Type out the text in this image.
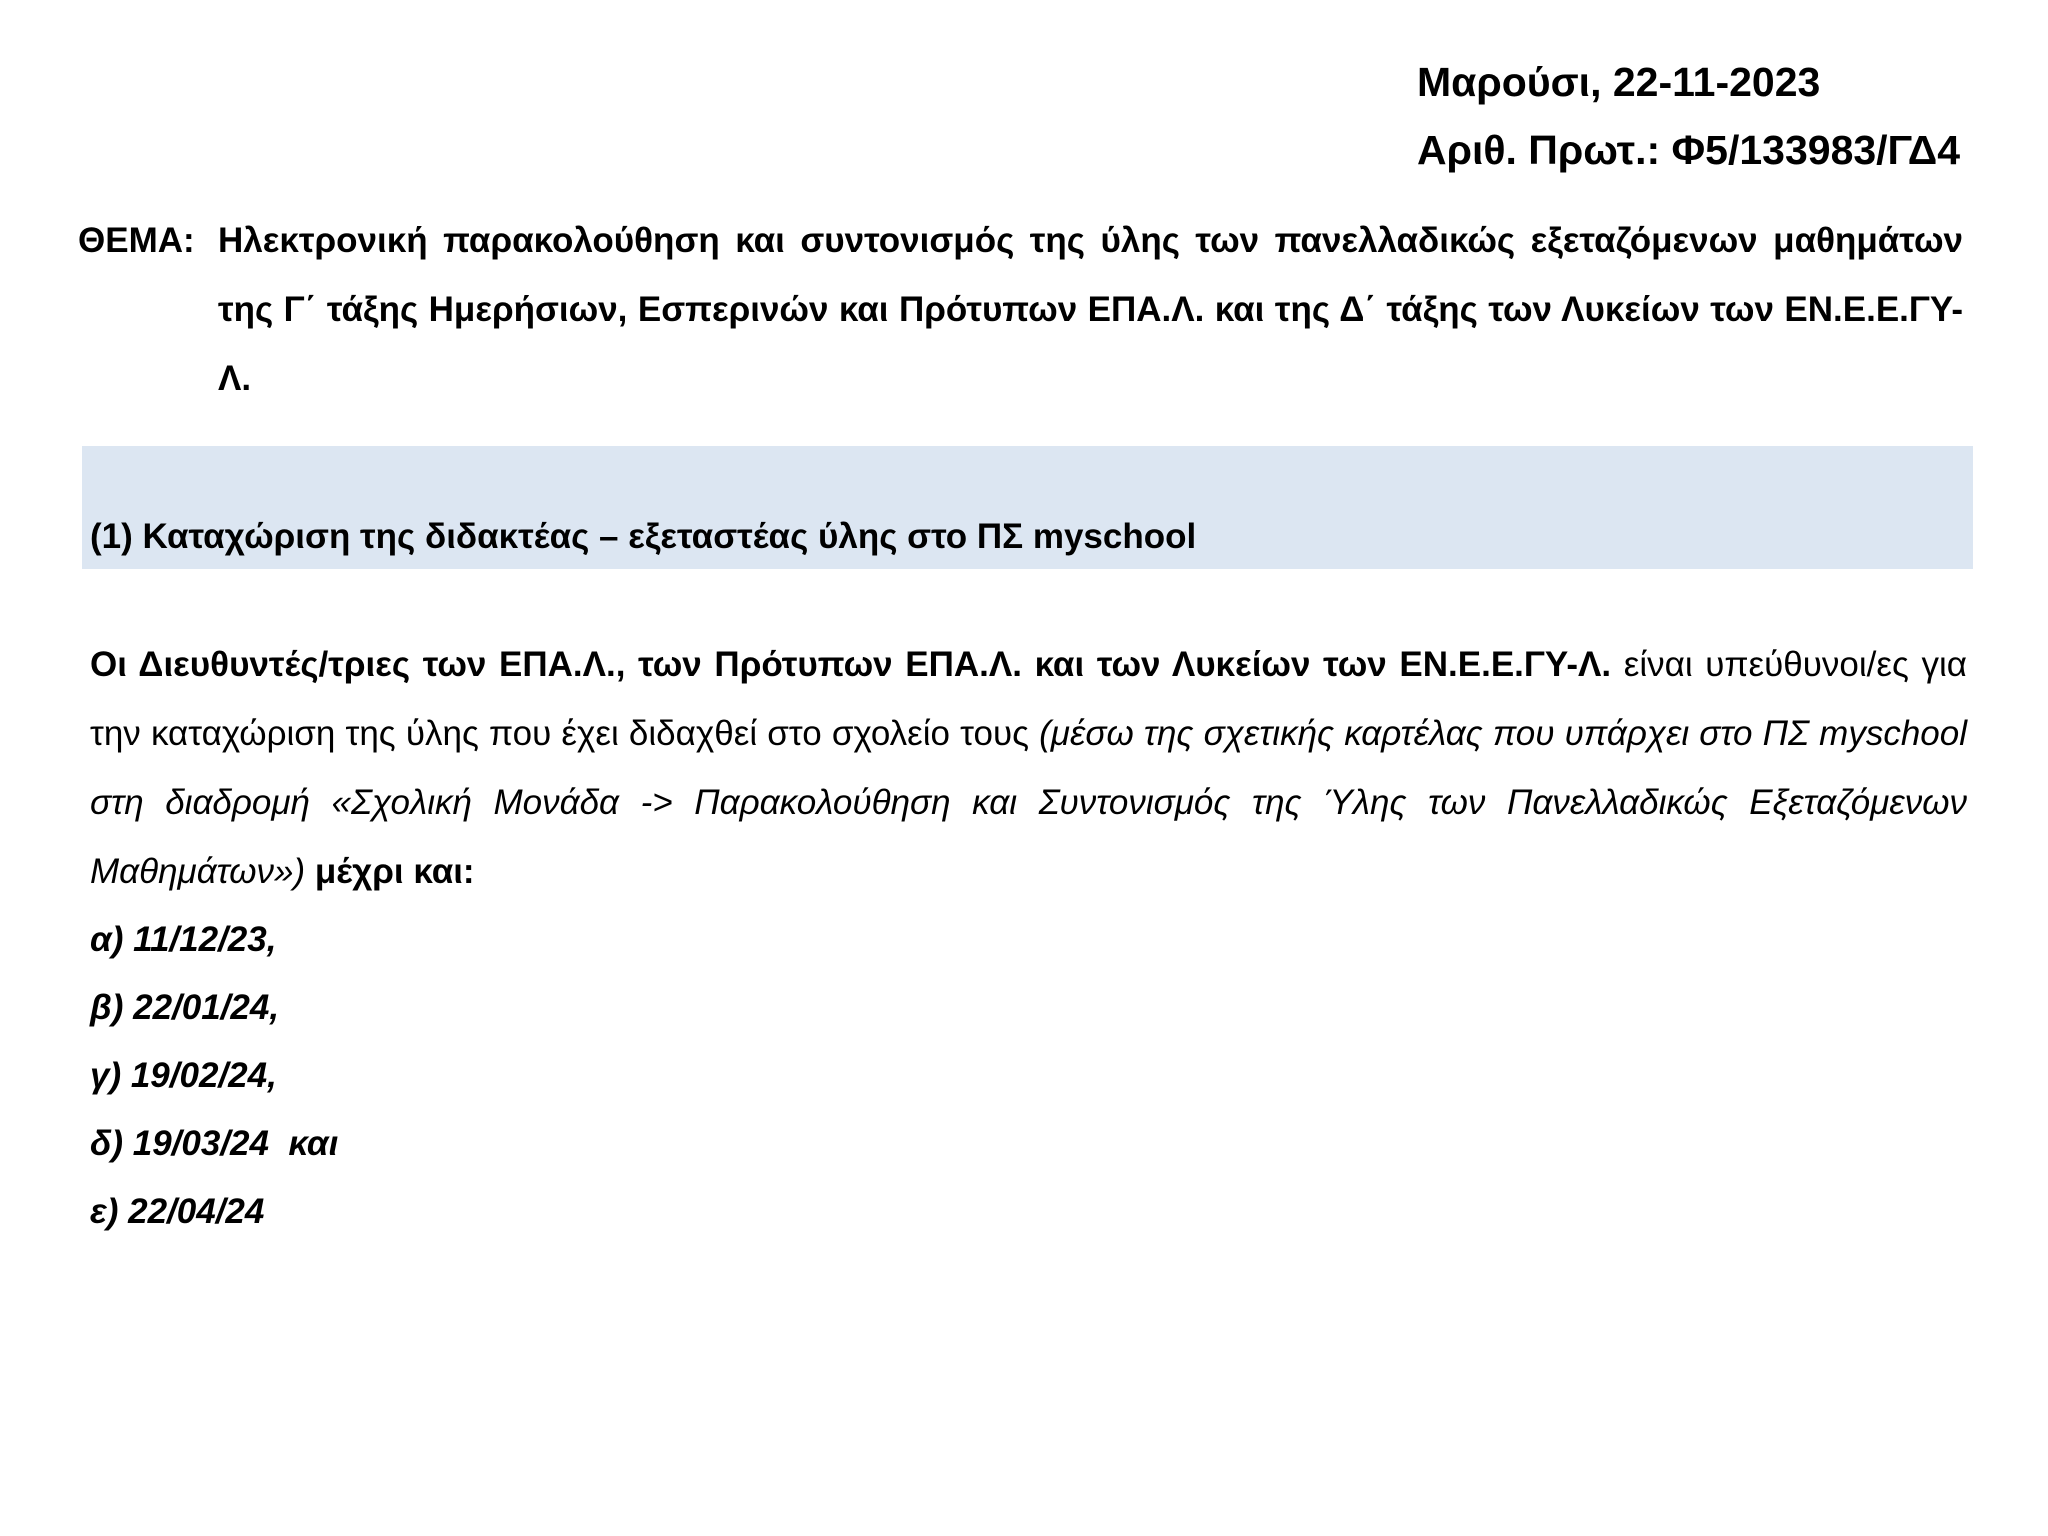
Μαρούσι, 22-11-2023
Αριθ. Πρωτ.: Φ5/133983/ΓΔ4
ΘΕΜΑ: Ηλεκτρονική παρακολούθηση και συντονισμός της ύλης των πανελλαδικώς εξεταζόμενων μαθημάτων της Γ΄ τάξης Ημερήσιων, Εσπερινών και Πρότυπων ΕΠΑ.Λ. και της Δ΄ τάξης των Λυκείων των ΕΝ.Ε.Ε.ΓΥ-Λ.
(1) Καταχώριση της διδακτέας – εξεταστέας ύλης στο ΠΣ myschool
Οι Διευθυντές/τριες των ΕΠΑ.Λ., των Πρότυπων ΕΠΑ.Λ. και των Λυκείων των ΕΝ.Ε.Ε.ΓΥ-Λ. είναι υπεύθυνοι/ες για την καταχώριση της ύλης που έχει διδαχθεί στο σχολείο τους (μέσω της σχετικής καρτέλας που υπάρχει στο ΠΣ myschool στη διαδρομή «Σχολική Μονάδα -> Παρακολούθηση και Συντονισμός της Ύλης των Πανελλαδικώς Εξεταζόμενων Μαθημάτων») μέχρι και:
α) 11/12/23,
β) 22/01/24,
γ) 19/02/24,
δ) 19/03/24  και
ε) 22/04/24
